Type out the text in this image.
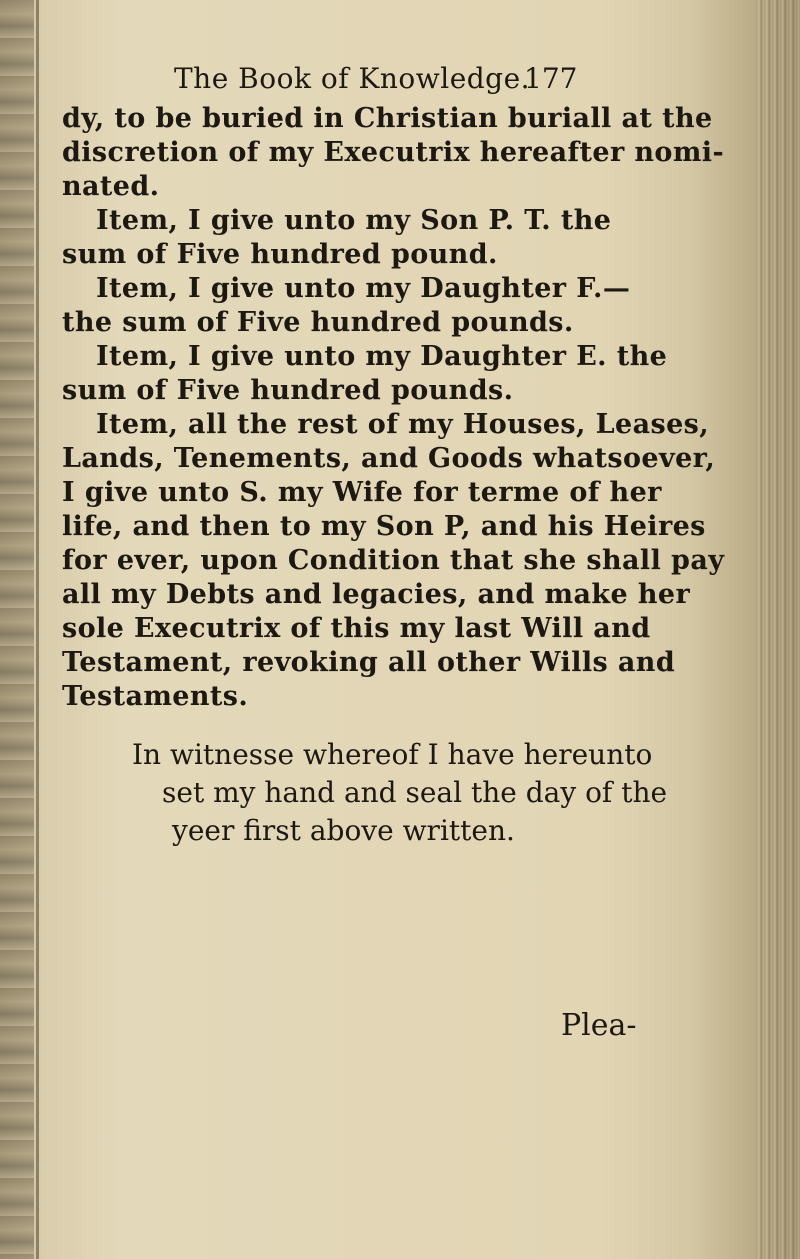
The Book of Knowledge.
177
dy, to be buried in Christian buriall at the
discretion of my Executrix hereafter nomi-
nated.
Item, I give unto my Son P. T. the
sum of Five hundred pound.
Item, I give unto my Daughter F.—
the sum of Five hundred pounds.
Item, I give unto my Daughter E. the
sum of Five hundred pounds.
Item, all the rest of my Houses, Leases,
Lands, Tenements, and Goods whatsoever,
I give unto S. my Wife for terme of her
life, and then to my Son P, and his Heires
for ever, upon Condition that she shall pay
all my Debts and legacies, and make her
sole Executrix of this my last Will and
Testament, revoking all other Wills and
Testaments.
In witnesse whereof I have hereunto
set my hand and seal the day of the
yeer first above written.
Plea-
